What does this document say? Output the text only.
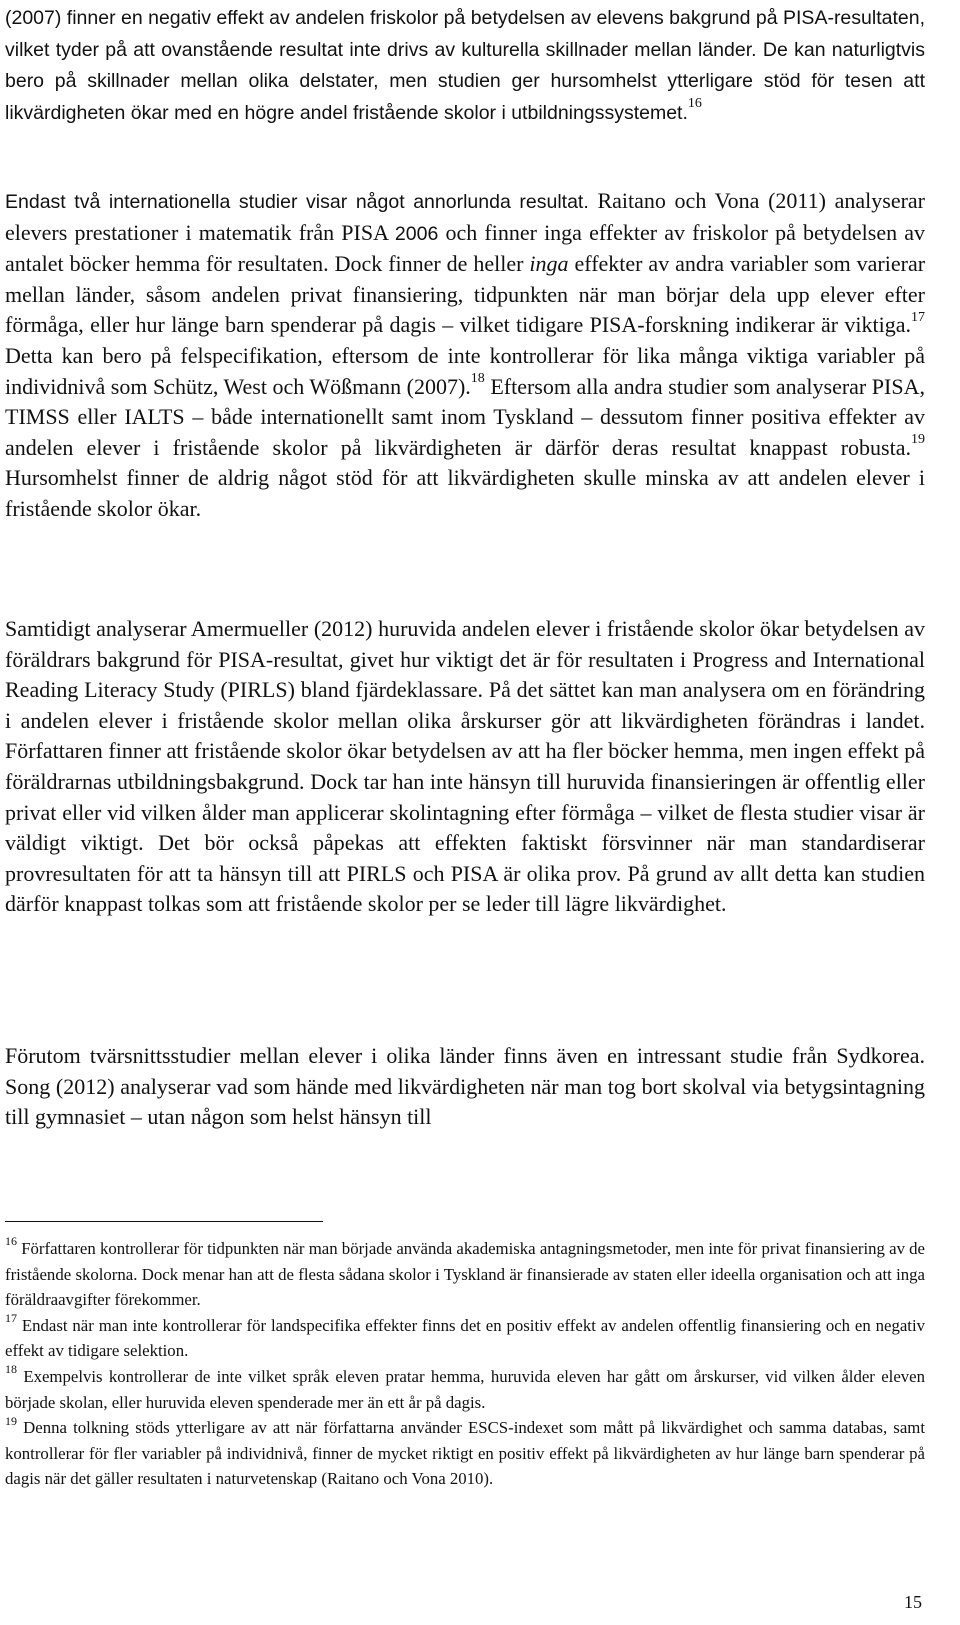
(2007) finner en negativ effekt av andelen friskolor på betydelsen av elevens bakgrund på PISA-resultaten, vilket tyder på att ovanstående resultat inte drivs av kulturella skillnader mellan länder. De kan naturligtvis bero på skillnader mellan olika delstater, men studien ger hursomhelst ytterligare stöd för tesen att likvärdigheten ökar med en högre andel fristående skolor i utbildningssystemet.$^{16}$

Endast två internationella studier visar något annorlunda resultat. Raitano och Vona (2011) analyserar elevers prestationer i matematik från PISA 2006 och finner inga effekter av friskolor på betydelsen av antalet böcker hemma för resultaten. Dock finner de heller inga effekter av andra variabler som varierar mellan länder, såsom andelen privat finansiering, tidpunkten när man börjar dela upp elever efter förmåga, eller hur länge barn spenderar på dagis – vilket tidigare PISA-forskning indikerar är viktiga.$^{17}$ Detta kan bero på felspecifikation, eftersom de inte kontrollerar för lika många viktiga variabler på individnivå som Schütz, West och Wößmann (2007).$^{18}$ Eftersom alla andra studier som analyserar PISA, TIMSS eller IALTS – både internationellt samt inom Tyskland – dessutom finner positiva effekter av andelen elever i fristående skolor på likvärdigheten är därför deras resultat knappast robusta.$^{19}$ Hursomhelst finner de aldrig något stöd för att likvärdigheten skulle minska av att andelen elever i fristående skolor ökar.

Samtidigt analyserar Amermueller (2012) huruvida andelen elever i fristående skolor ökar betydelsen av föräldrars bakgrund för PISA-resultat, givet hur viktigt det är för resultaten i Progress and International Reading Literacy Study (PIRLS) bland fjärdeklassare. På det sättet kan man analysera om en förändring i andelen elever i fristående skolor mellan olika årskurser gör att likvärdigheten förändras i landet. Författaren finner att fristående skolor ökar betydelsen av att ha fler böcker hemma, men ingen effekt på föräldrarnas utbildningsbakgrund. Dock tar han inte hänsyn till huruvida finansieringen är offentlig eller privat eller vid vilken ålder man applicerar skolintagning efter förmåga – vilket de flesta studier visar är väldigt viktigt. Det bör också påpekas att effekten faktiskt försvinner när man standardiserar provresultaten för att ta hänsyn till att PIRLS och PISA är olika prov. På grund av allt detta kan studien därför knappast tolkas som att fristående skolor per se leder till lägre likvärdighet.

Förutom tvärsnittsstudier mellan elever i olika länder finns även en intressant studie från Sydkorea. Song (2012) analyserar vad som hände med likvärdigheten när man tog bort skolval via betygsintagning till gymnasiet – utan någon som helst hänsyn till

$^{16}$ Författaren kontrollerar för tidpunkten när man började använda akademiska antagningsmetoder, men inte för privat finansiering av de fristående skolorna. Dock menar han att de flesta sådana skolor i Tyskland är finansierade av staten eller ideella organisation och att inga föräldraavgifter förekommer.

$^{17}$ Endast när man inte kontrollerar för landspecifika effekter finns det en positiv effekt av andelen offentlig finansiering och en negativ effekt av tidigare selektion.

$^{18}$ Exempelvis kontrollerar de inte vilket språk eleven pratar hemma, huruvida eleven har gått om årskurser, vid vilken ålder eleven började skolan, eller huruvida eleven spenderade mer än ett år på dagis.

$^{19}$ Denna tolkning stöds ytterligare av att när författarna använder ESCS-indexet som mått på likvärdighet och samma databas, samt kontrollerar för fler variabler på individnivå, finner de mycket riktigt en positiv effekt på likvärdigheten av hur länge barn spenderar på dagis när det gäller resultaten i naturvetenskap (Raitano och Vona 2010).

15
